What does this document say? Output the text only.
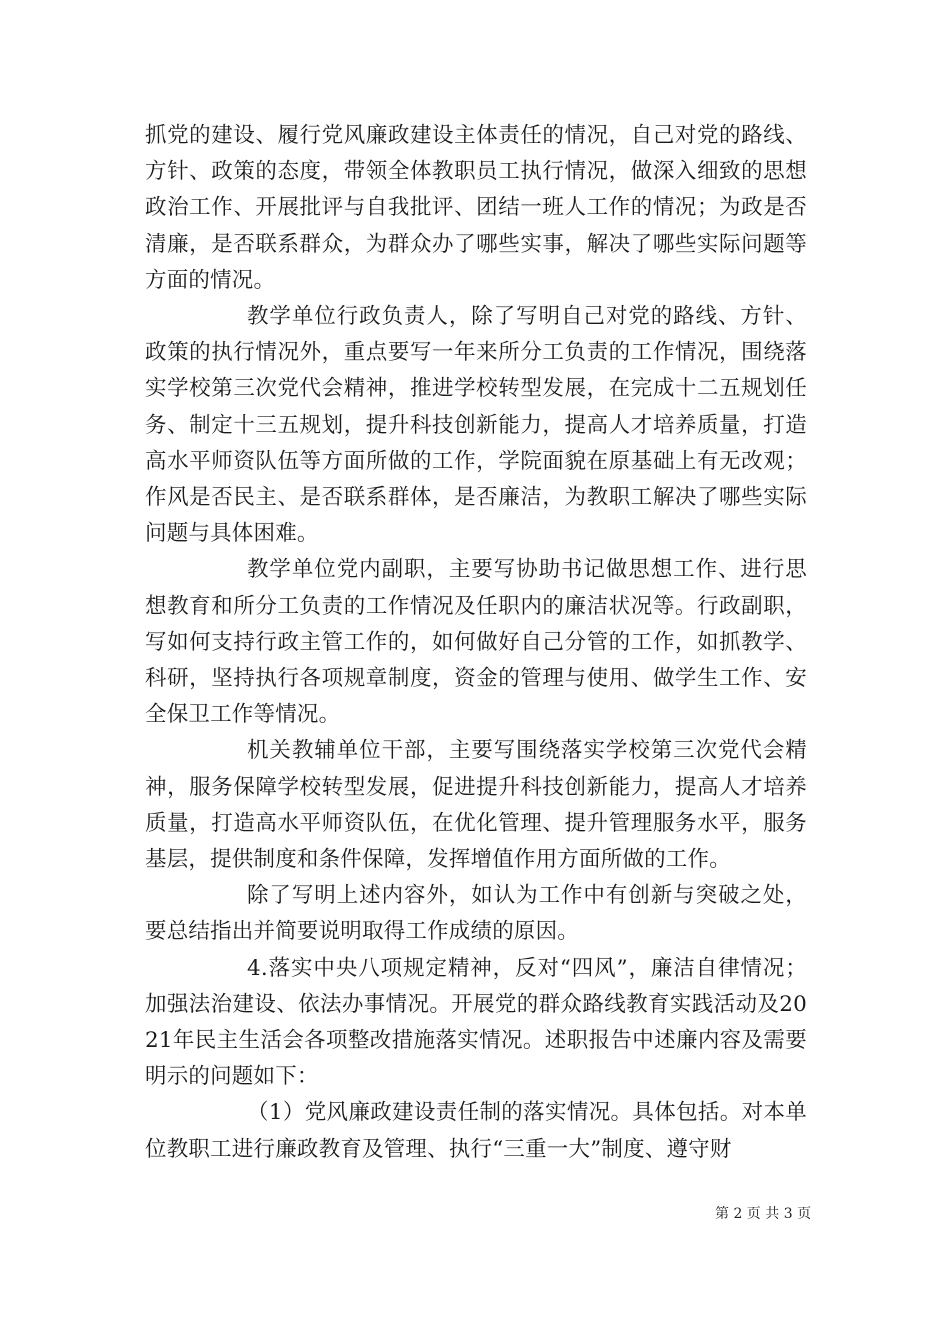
抓党的建设、履行党风廉政建设主体责任的情况，自己对党的路线、方针、政策的态度，带领全体教职员工执行情况，做深入细致的思想政治工作、开展批评与自我批评、团结一班人工作的情况；为政是否清廉，是否联系群众，为群众办了哪些实事，解决了哪些实际问题等方面的情况。

教学单位行政负责人，除了写明自己对党的路线、方针、政策的执行情况外，重点要写一年来所分工负责的工作情况，围绕落实学校第三次党代会精神，推进学校转型发展，在完成十二五规划任务、制定十三五规划，提升科技创新能力，提高人才培养质量，打造高水平师资队伍等方面所做的工作，学院面貌在原基础上有无改观；作风是否民主、是否联系群体，是否廉洁，为教职工解决了哪些实际问题与具体困难。

教学单位党内副职，主要写协助书记做思想工作、进行思想教育和所分工负责的工作情况及任职内的廉洁状况等。行政副职，写如何支持行政主管工作的，如何做好自己分管的工作，如抓教学、科研，坚持执行各项规章制度，资金的管理与使用、做学生工作、安全保卫工作等情况。

机关教辅单位干部，主要写围绕落实学校第三次党代会精神，服务保障学校转型发展，促进提升科技创新能力，提高人才培养质量，打造高水平师资队伍，在优化管理、提升管理服务水平，服务基层，提供制度和条件保障，发挥增值作用方面所做的工作。

除了写明上述内容外，如认为工作中有创新与突破之处，要总结指出并简要说明取得工作成绩的原因。

4.落实中央八项规定精神，反对“四风”，廉洁自律情况；加强法治建设、依法办事情况。开展党的群众路线教育实践活动及2021年民主生活会各项整改措施落实情况。述职报告中述廉内容及需要明示的问题如下：

（1）党风廉政建设责任制的落实情况。具体包括。对本单位教职工进行廉政教育及管理、执行“三重一大”制度、遵守财

第 2 页 共 3 页
